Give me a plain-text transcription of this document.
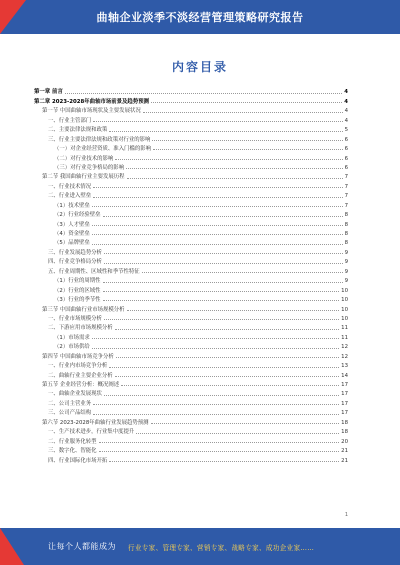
曲轴企业淡季不淡经营管理策略研究报告
内容目录
第一章 前言	4
第二章 2023-2028年曲轴市场前景及趋势预测	4
第一节 中国曲轴市场现状及主要发展状况	4
一、行业主管部门	4
二、主要法律法规和政策	5
三、行业主要法律法规和政策对行业的影响	6
（一）对企业经营资质、准入门槛的影响	6
（二）对行业技术的影响	6
（三）对行业竞争格局的影响	6
第二节 我国曲轴行业主要发展历程	7
一、行业技术情况	7
二、行业进入壁垒	7
（1）技术壁垒	7
（2）行业经验壁垒	8
（3）人才壁垒	8
（4）资金壁垒	8
（5）品牌壁垒	8
三、行业发展趋势分析	9
四、行业竞争格局分析	9
五、行业周期性、区域性和季节性特征	9
（1）行业的周期性	9
（2）行业的区域性	10
（3）行业的季节性	10
第三节 中国曲轴行业市场规模分析	10
一、行业市场规模分析	10
二、下游应用市场规模分析	11
（1）市场需求	11
（2）市场供给	12
第四节 中国曲轴市场竞争分析	12
一、行业内市场竞争分析	13
二、曲轴行业主要企业分析	14
第五节 企业经营分析：概况阐述	17
一、曲轴企业发展现状	17
二、公司主营业务	17
三、公司产品结构	17
第六节 2023-2028年曲轴行业发展趋势预测	18
一、生产技术进步，行业集中度提升	18
二、行业服务化转型	20
三、数字化、智能化	21
四、行业国际化市场开拓	21
1
让每个人都能成为 行业专家、管理专家、营销专家、战略专家、成功企业家……
